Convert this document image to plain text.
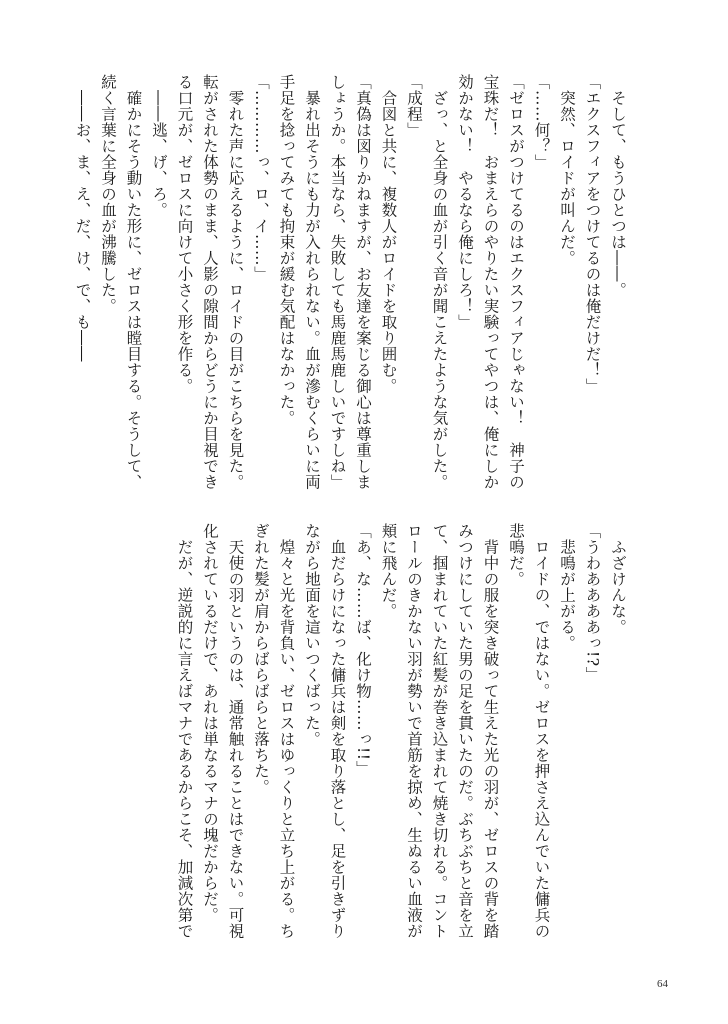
　そして、もうひとつは――。
「エクスフィアをつけてるのは俺だけだ！」
　突然、ロイドが叫んだ。
「……何？」
「ゼロスがつけてるのはエクスフィアじゃない！　神子の
宝珠だ！　おまえらのやりたい実験ってやつは、俺にしか
効かない！　やるなら俺にしろ！」
　ざっ、と全身の血が引く音が聞こえたような気がした。
「成程」
　合図と共に、複数人がロイドを取り囲む。
「真偽は図りかねますが、お友達を案じる御心は尊重しま
しょうか。本当なら、失敗しても馬鹿馬鹿しいですしね」
　暴れ出そうにも力が入れられない。血が滲むくらいに両
手足を捻ってみても拘束が緩む気配はなかった。
「…………っ、ロ、イ……」
　零れた声に応えるように、ロイドの目がこちらを見た。
転がされた体勢のまま、人影の隙間からどうにか目視でき
る口元が、ゼロスに向けて小さく形を作る。
　――逃、げ、ろ。
　確かにそう動いた形に、ゼロスは瞠目する。そうして、
続く言葉に全身の血が沸騰した。
　――お、ま、え、だ、け、で、も――
　ふざけんな。
「うわああああっ!?」
　悲鳴が上がる。
　ロイドの、ではない。ゼロスを押さえ込んでいた傭兵の
悲鳴だ。
　背中の服を突き破って生えた光の羽が、ゼロスの背を踏
みつけにしていた男の足を貫いたのだ。ぶちぶちと音を立
て、掴まれていた紅髪が巻き込まれて焼き切れる。コント
ロールのきかない羽が勢いで首筋を掠め、生ぬるい血液が
頬に飛んだ。
「あ、な……ば、化け物……っ!!」
　血だらけになった傭兵は剣を取り落とし、足を引きずり
ながら地面を這いつくばった。
　煌々と光を背負い、ゼロスはゆっくりと立ち上がる。ち
ぎれた髪が肩からばらばらと落ちた。
　天使の羽というのは、通常触れることはできない。可視
化されているだけで、あれは単なるマナの塊だからだ。
　だが、逆説的に言えばマナであるからこそ、加減次第で
64
